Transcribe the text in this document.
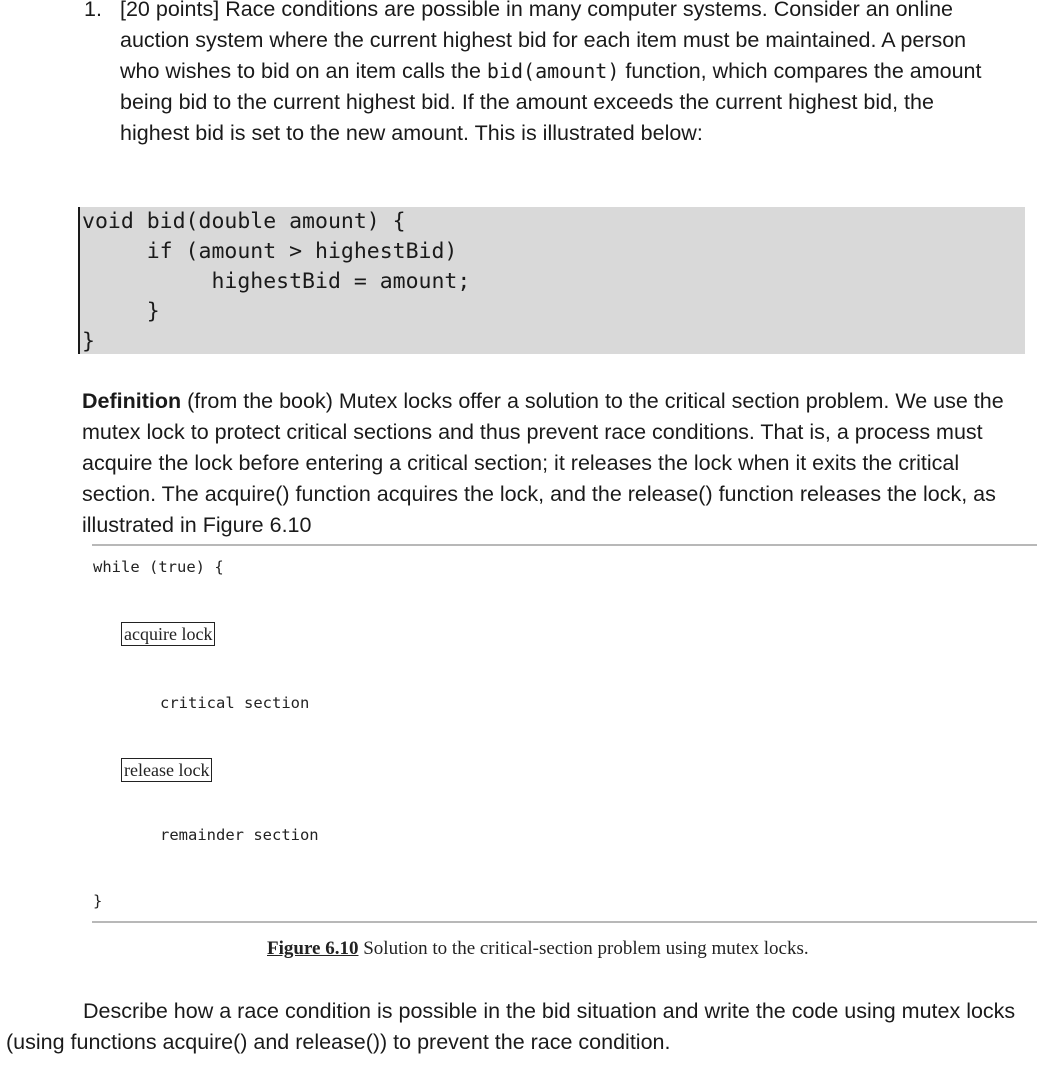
1. [20 points] Race conditions are possible in many computer systems. Consider an online auction system where the current highest bid for each item must be maintained. A person who wishes to bid on an item calls the bid(amount) function, which compares the amount being bid to the current highest bid. If the amount exceeds the current highest bid, the highest bid is set to the new amount. This is illustrated below:
void bid(double amount) {
if (amount > highestBid)
highestBid = amount;
}
}
Definition (from the book) Mutex locks offer a solution to the critical section problem. We use the mutex lock to protect critical sections and thus prevent race conditions. That is, a process must acquire the lock before entering a critical section; it releases the lock when it exits the critical section. The acquire() function acquires the lock, and the release() function releases the lock, as illustrated in Figure 6.10
while (true) {
acquire lock
critical section
release lock
remainder section
}
Figure 6.10 Solution to the critical-section problem using mutex locks.
Describe how a race condition is possible in the bid situation and write the code using mutex locks (using functions acquire() and release()) to prevent the race condition.
